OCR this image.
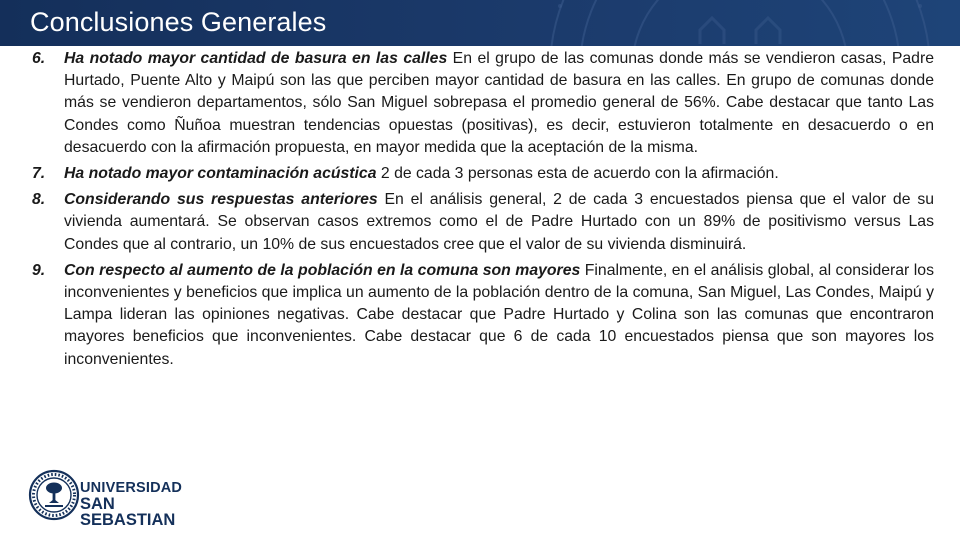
Conclusiones Generales
6.	Ha notado mayor cantidad de basura en las calles En el grupo de las comunas donde más se vendieron casas, Padre Hurtado, Puente Alto y Maipú son las que perciben mayor cantidad de basura en las calles. En grupo de comunas donde más se vendieron departamentos, sólo San Miguel sobrepasa el promedio general de 56%. Cabe destacar que tanto Las Condes como Ñuñoa muestran tendencias opuestas (positivas), es decir, estuvieron totalmente en desacuerdo o en desacuerdo con la afirmación propuesta, en mayor medida que la aceptación de la misma.

7.	Ha notado mayor contaminación acústica 2 de cada 3 personas esta de acuerdo con la afirmación.

8.	Considerando sus respuestas anteriores En el análisis general, 2 de cada 3 encuestados piensa que el valor de su vivienda aumentará. Se observan casos extremos como el de Padre Hurtado con un 89% de positivismo versus Las Condes que al contrario, un 10% de sus encuestados cree que el valor de su vivienda disminuirá.

9.	Con respecto al aumento de la población en la comuna son mayores Finalmente, en el análisis global, al considerar los inconvenientes y beneficios que implica un aumento de la población dentro de la comuna, San Miguel, Las Condes, Maipú y Lampa lideran las opiniones negativas. Cabe destacar que Padre Hurtado y Colina son las comunas que encontraron mayores beneficios que inconvenientes. Cabe destacar que 6 de cada 10 encuestados piensa que son mayores los inconvenientes.

UNIVERSIDAD
SAN SEBASTIAN
